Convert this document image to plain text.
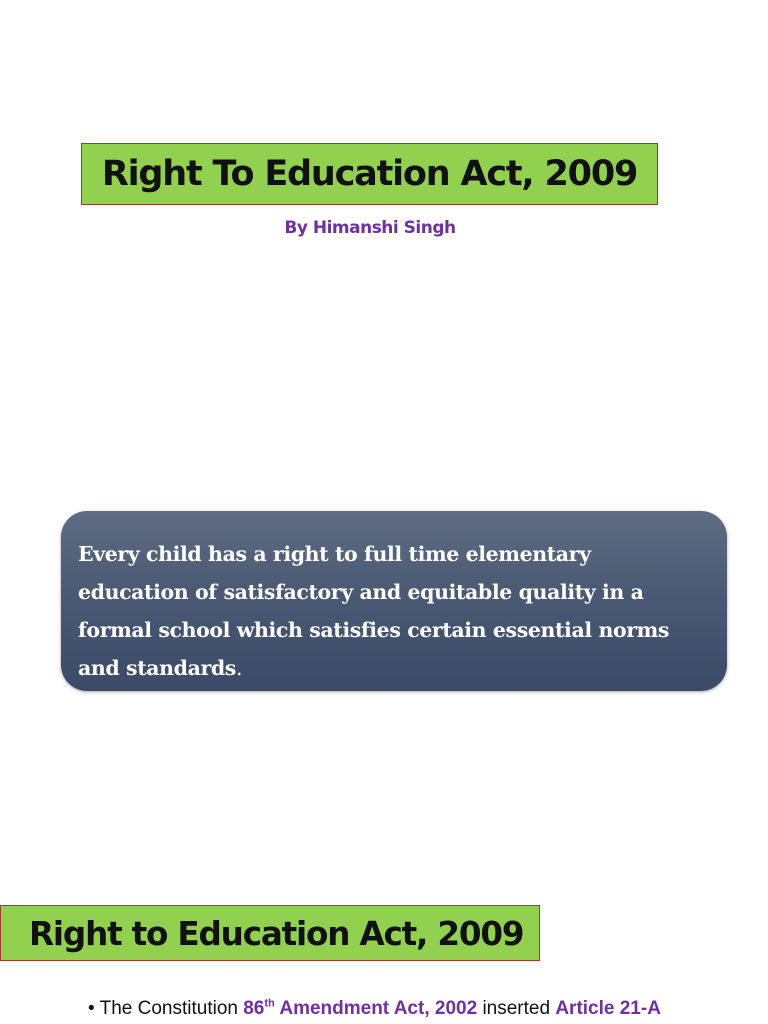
Right To Education Act, 2009
By Himanshi Singh
Every child has a right to full time elementary education of satisfactory and equitable quality in a formal school which satisfies certain essential norms and standards.
Right to Education Act, 2009
• The Constitution 86th Amendment Act, 2002 inserted Article 21-A
